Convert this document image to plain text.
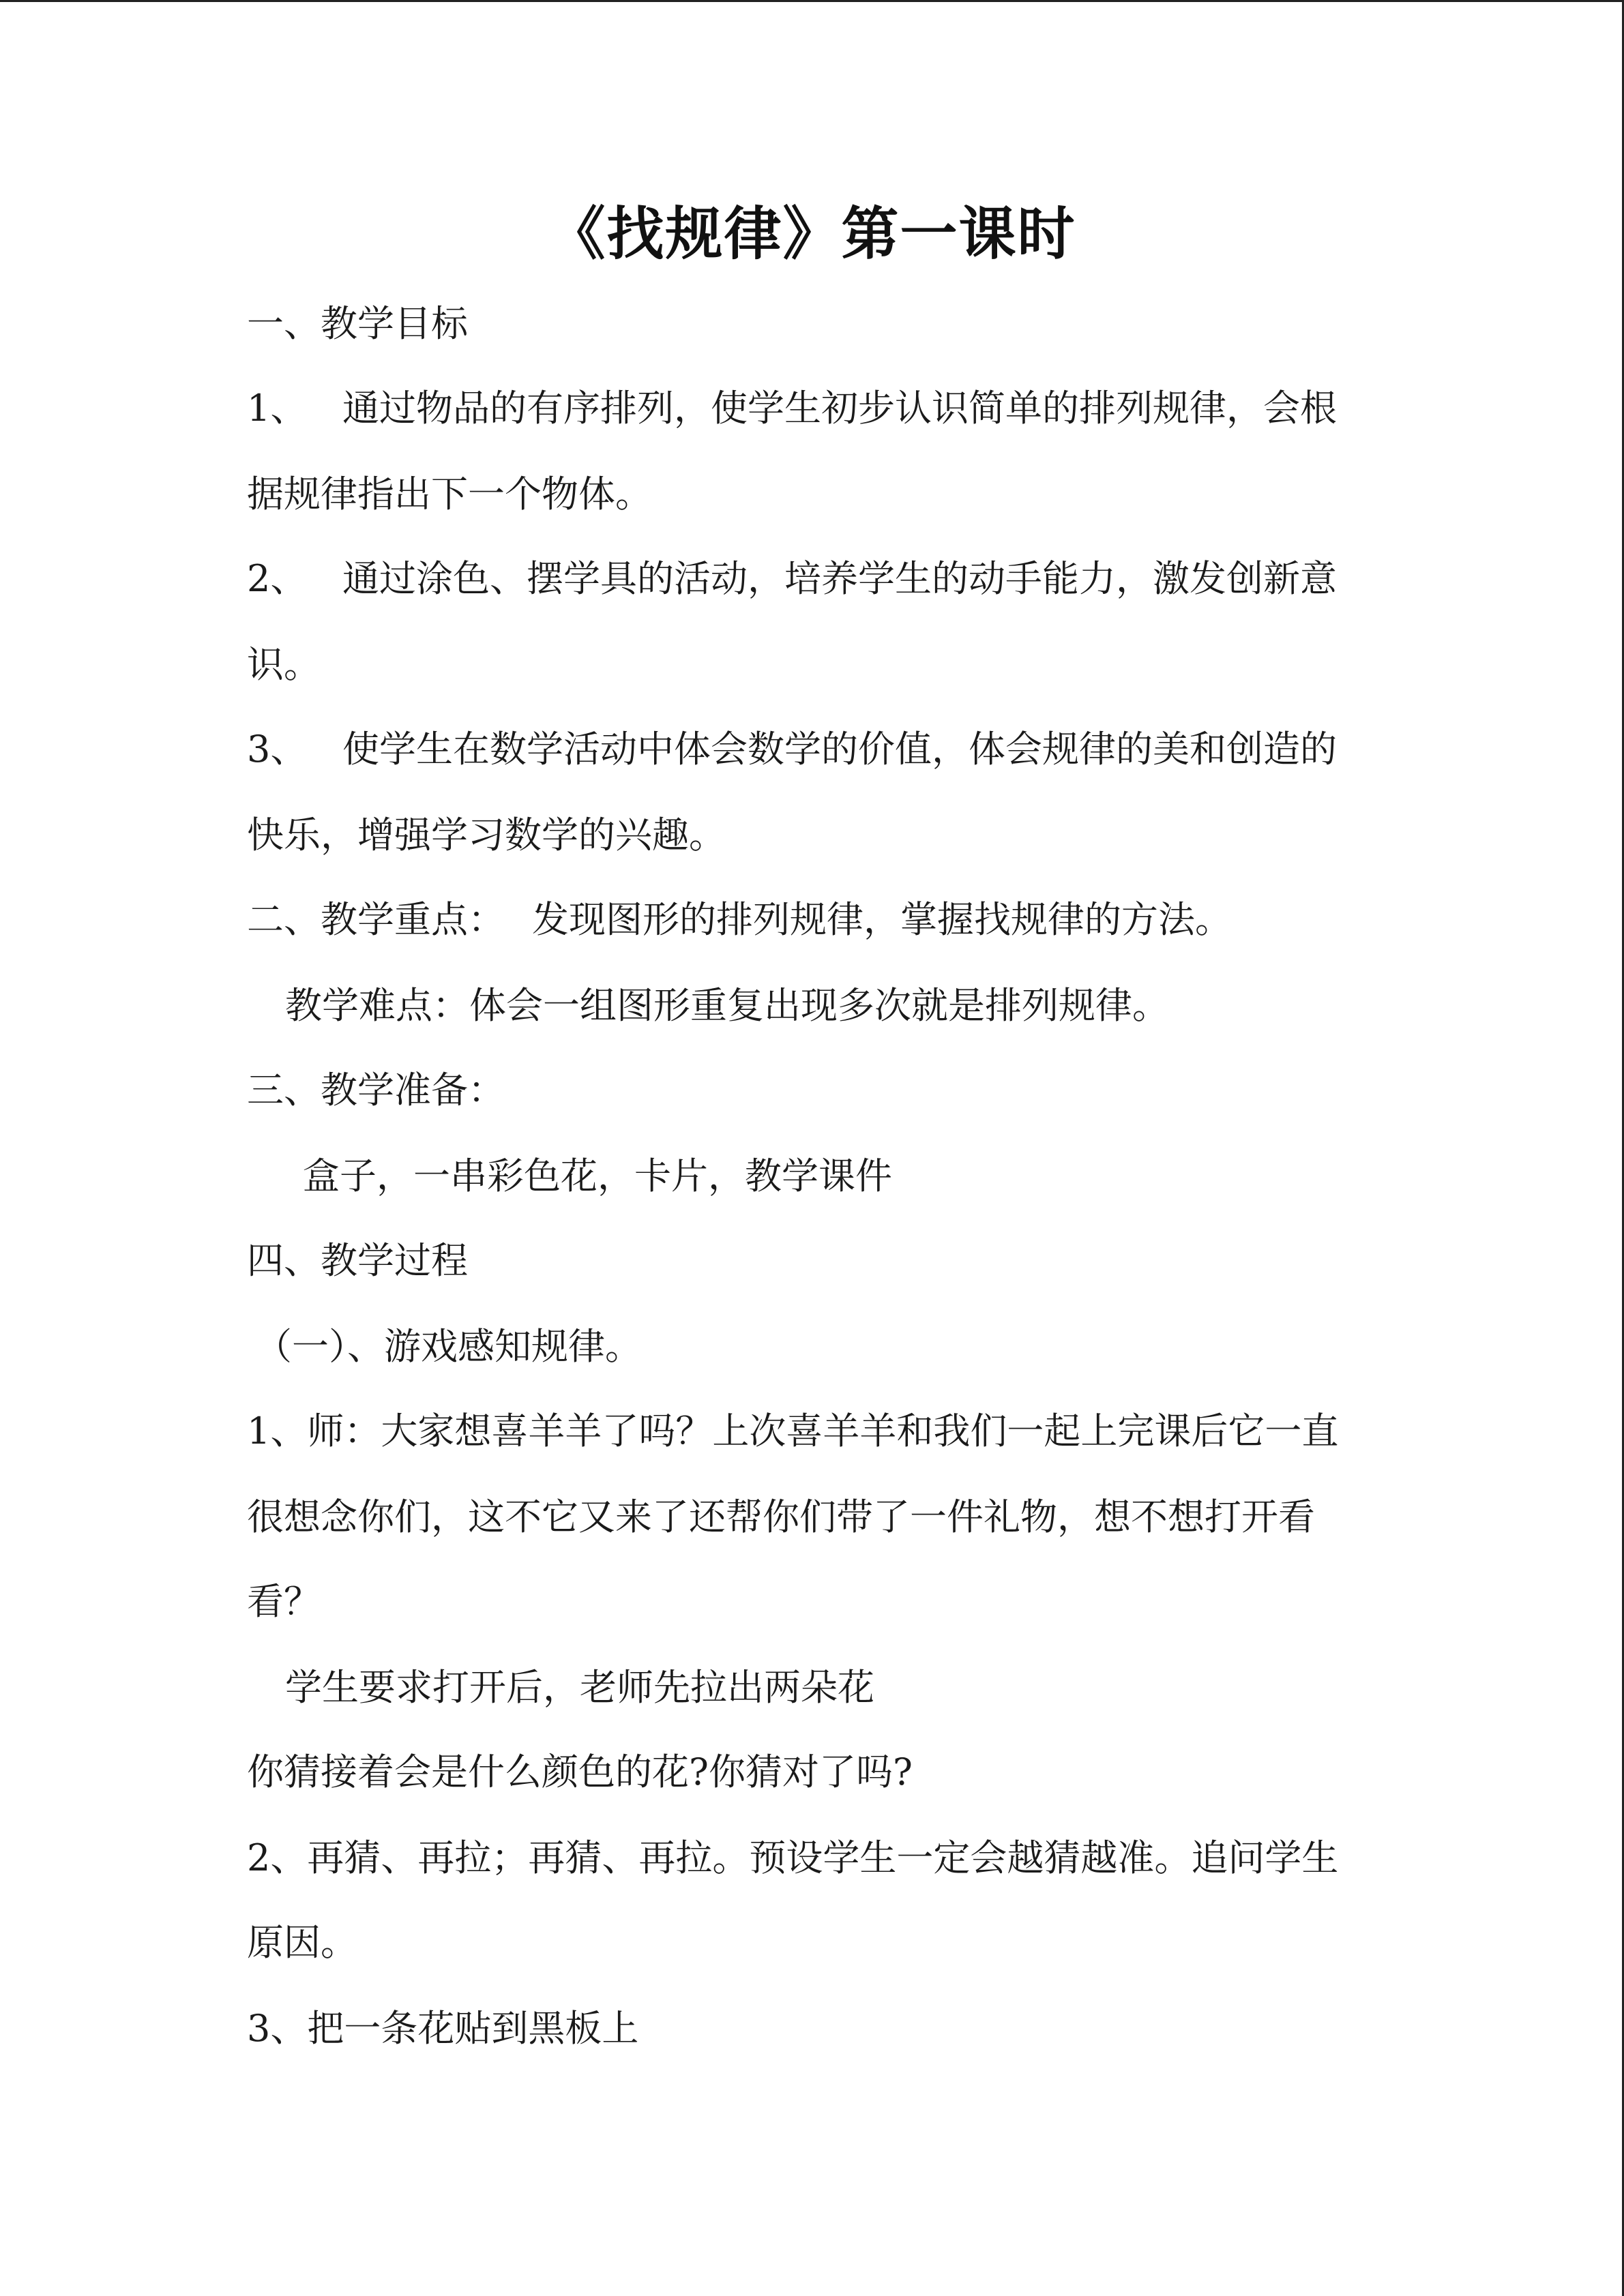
《找规律》第一课时
一、教学目标
1、 通过物品的有序排列，使学生初步认识简单的排列规律，会根
据规律指出下一个物体。
2、 通过涂色、摆学具的活动，培养学生的动手能力，激发创新意
识。
3、 使学生在数学活动中体会数学的价值，体会规律的美和创造的
快乐，增强学习数学的兴趣。
二、教学重点： 发现图形的排列规律，掌握找规律的方法。
教学难点：体会一组图形重复出现多次就是排列规律。
三、教学准备：
盒子，一串彩色花，卡片，教学课件
四、教学过程
（一）、游戏感知规律。
1、师：大家想喜羊羊了吗？上次喜羊羊和我们一起上完课后它一直
很想念你们，这不它又来了还帮你们带了一件礼物，想不想打开看
看？
学生要求打开后，老师先拉出两朵花
你猜接着会是什么颜色的花?你猜对了吗?
2、再猜、再拉；再猜、再拉。预设学生一定会越猜越准。追问学生
原因。
3、把一条花贴到黑板上
